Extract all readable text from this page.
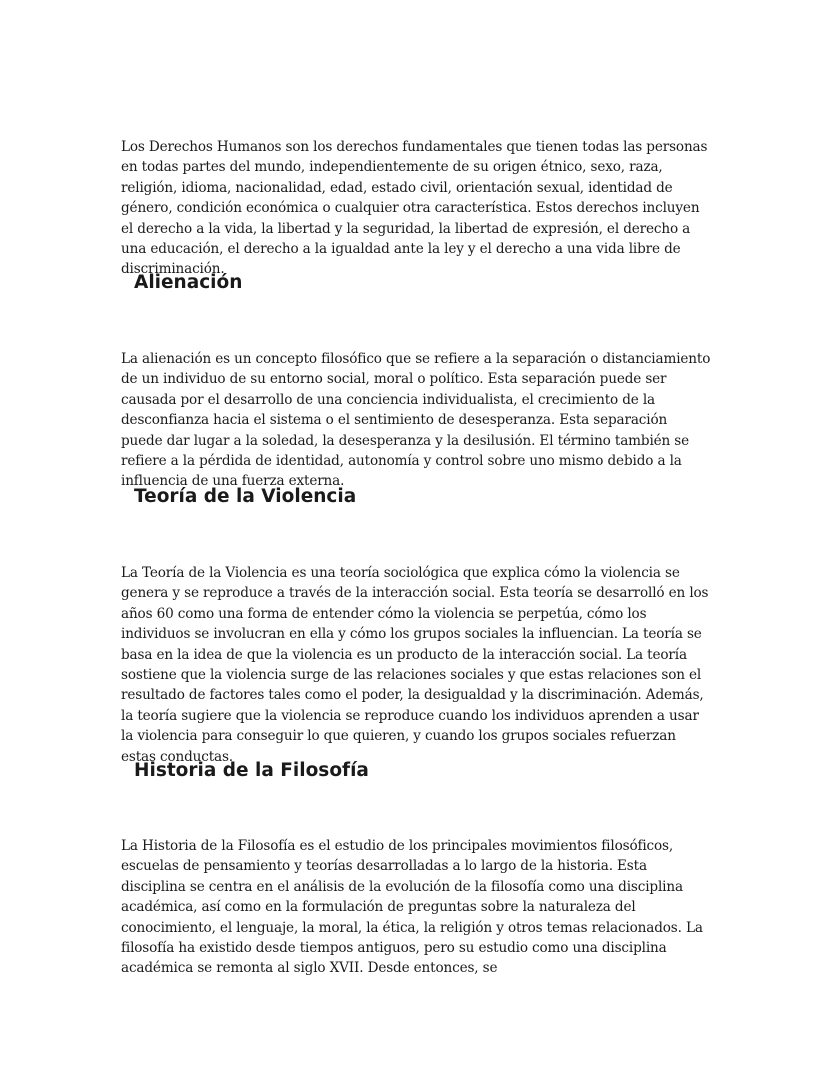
Los Derechos Humanos son los derechos fundamentales que tienen todas las personas en todas partes del mundo, independientemente de su origen étnico, sexo, raza, religión, idioma, nacionalidad, edad, estado civil, orientación sexual, identidad de género, condición económica o cualquier otra característica. Estos derechos incluyen el derecho a la vida, la libertad y la seguridad, la libertad de expresión, el derecho a una educación, el derecho a la igualdad ante la ley y el derecho a una vida libre de discriminación.

Alienación

La alienación es un concepto filosófico que se refiere a la separación o distanciamiento de un individuo de su entorno social, moral o político. Esta separación puede ser causada por el desarrollo de una conciencia individualista, el crecimiento de la desconfianza hacia el sistema o el sentimiento de desesperanza. Esta separación puede dar lugar a la soledad, la desesperanza y la desilusión. El término también se refiere a la pérdida de identidad, autonomía y control sobre uno mismo debido a la influencia de una fuerza externa.

Teoría de la Violencia

La Teoría de la Violencia es una teoría sociológica que explica cómo la violencia se genera y se reproduce a través de la interacción social. Esta teoría se desarrolló en los años 60 como una forma de entender cómo la violencia se perpetúa, cómo los individuos se involucran en ella y cómo los grupos sociales la influencian. La teoría se basa en la idea de que la violencia es un producto de la interacción social. La teoría sostiene que la violencia surge de las relaciones sociales y que estas relaciones son el resultado de factores tales como el poder, la desigualdad y la discriminación. Además, la teoría sugiere que la violencia se reproduce cuando los individuos aprenden a usar la violencia para conseguir lo que quieren, y cuando los grupos sociales refuerzan estas conductas.

Historia de la Filosofía

La Historia de la Filosofía es el estudio de los principales movimientos filosóficos, escuelas de pensamiento y teorías desarrolladas a lo largo de la historia. Esta disciplina se centra en el análisis de la evolución de la filosofía como una disciplina académica, así como en la formulación de preguntas sobre la naturaleza del conocimiento, el lenguaje, la moral, la ética, la religión y otros temas relacionados. La filosofía ha existido desde tiempos antiguos, pero su estudio como una disciplina académica se remonta al siglo XVII. Desde entonces, se
